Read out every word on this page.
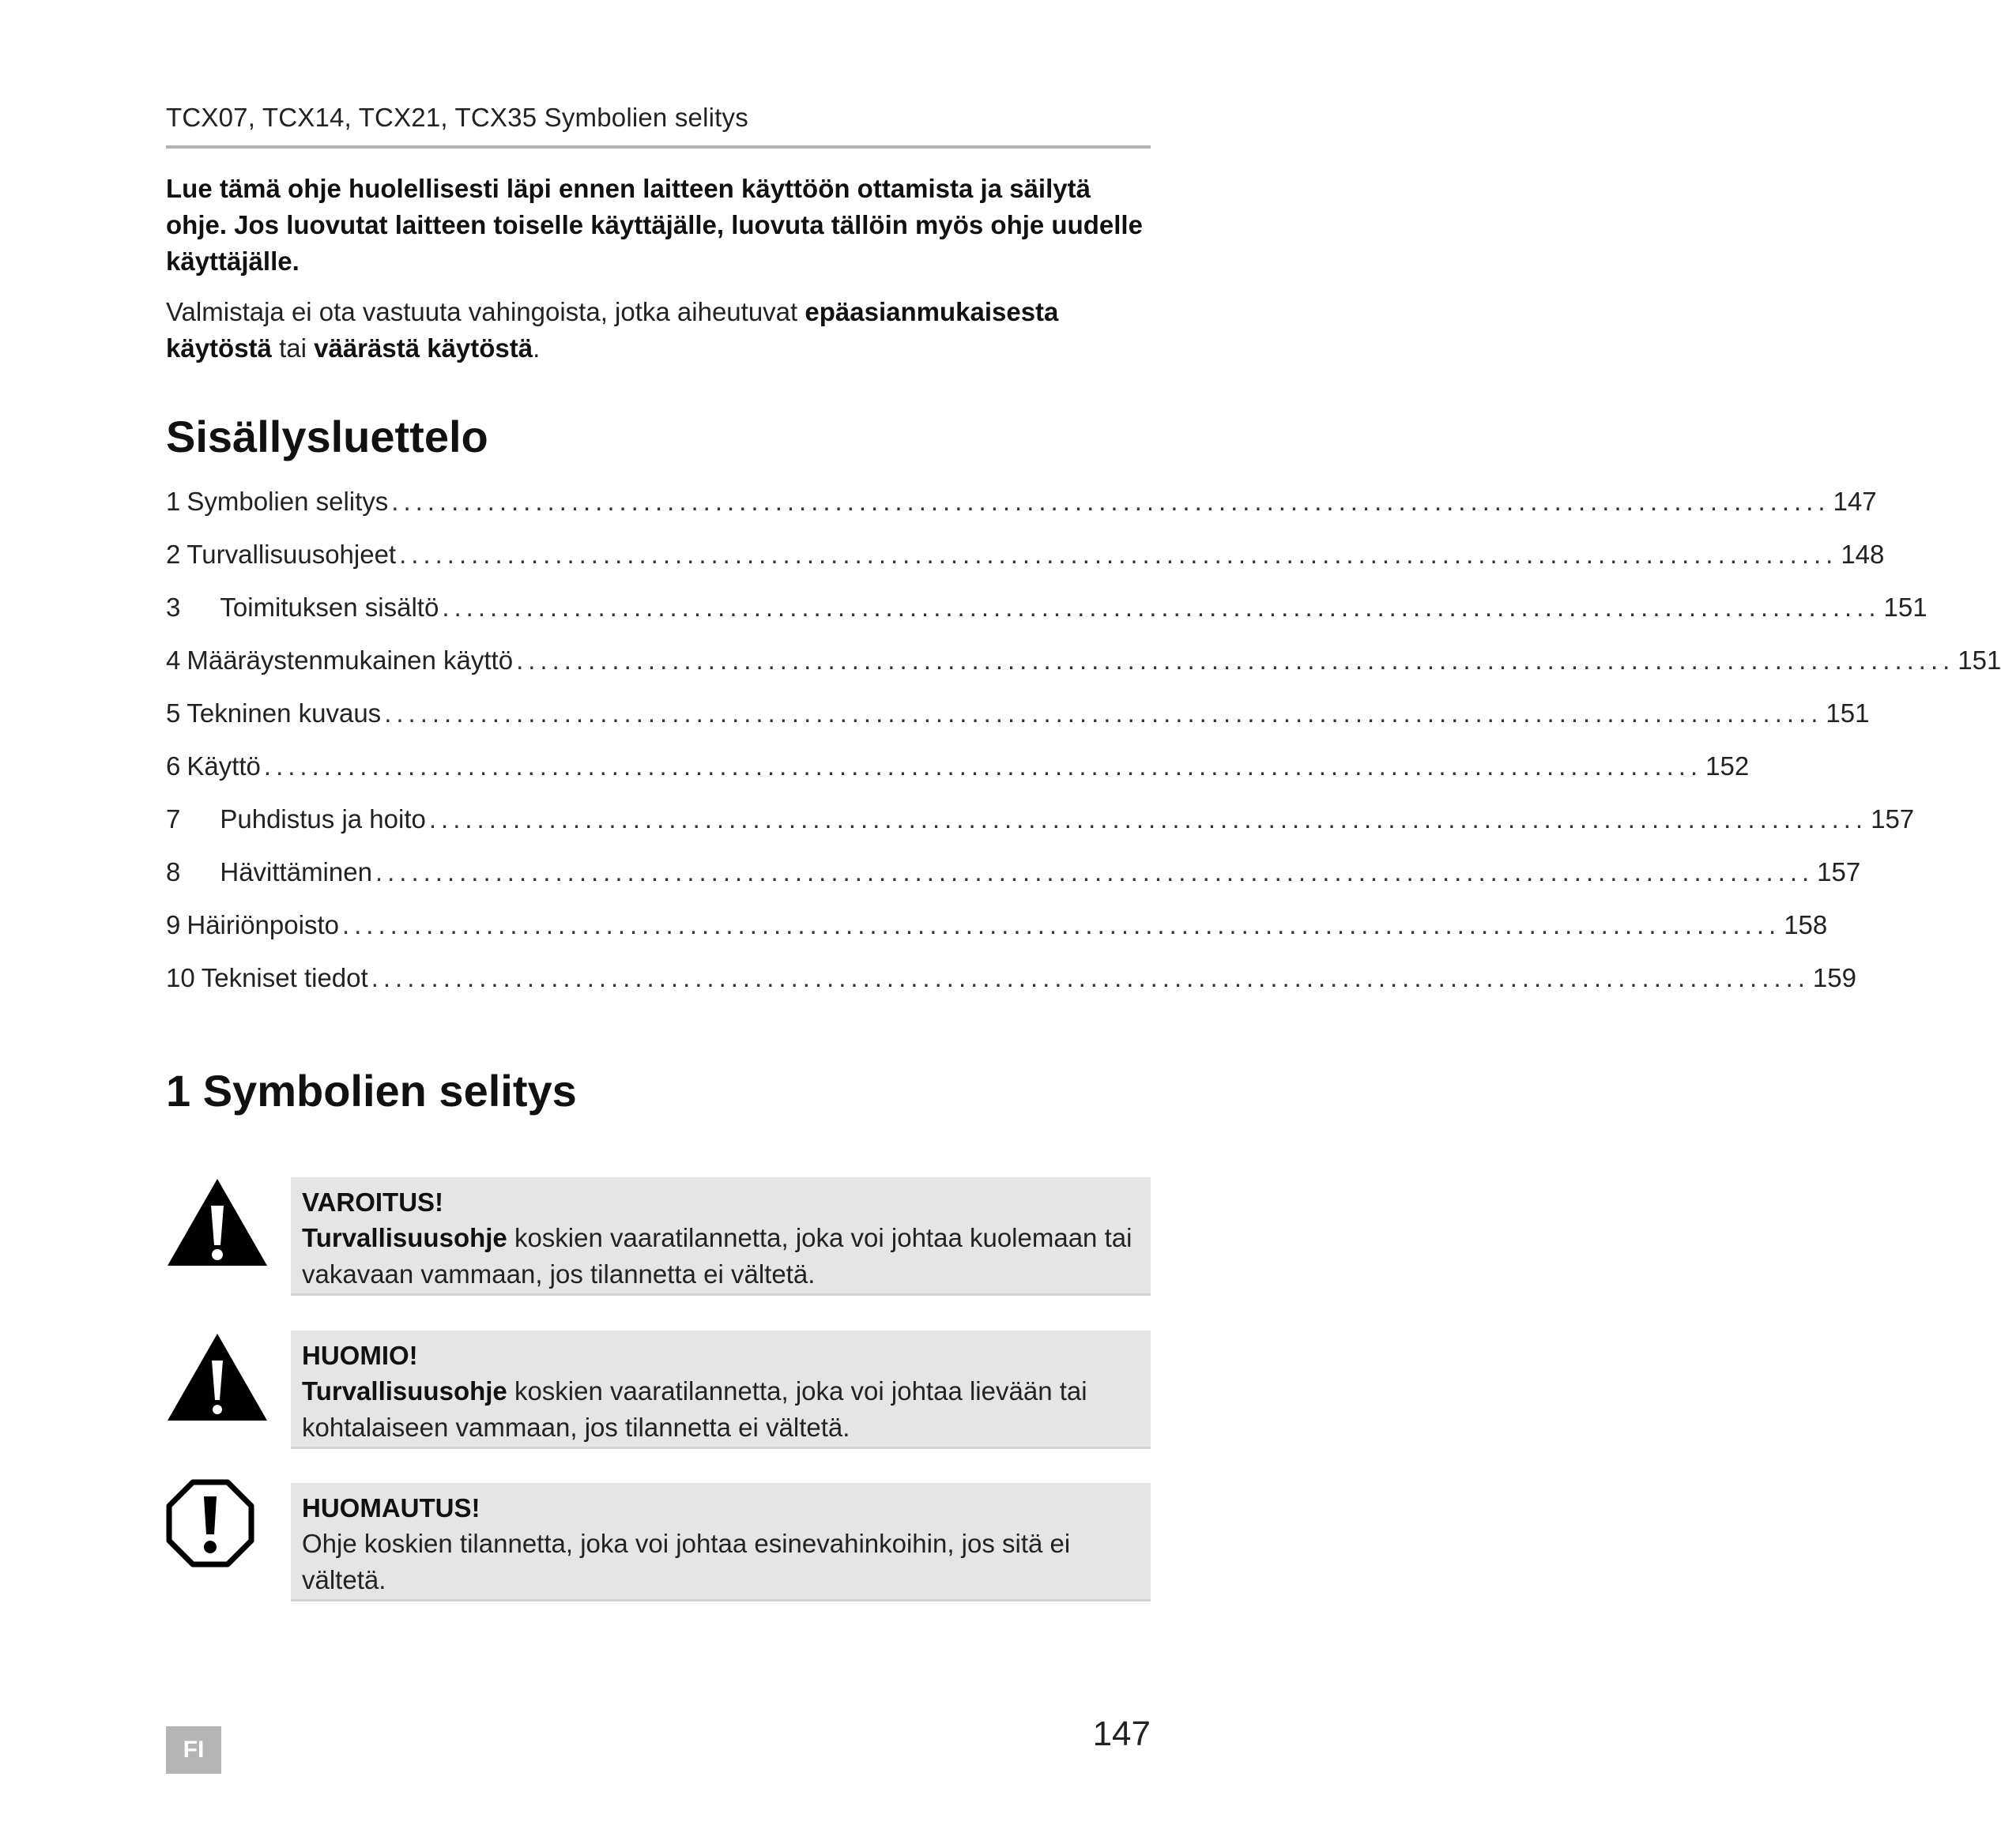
TCX07, TCX14, TCX21, TCX35 Symbolien selitys
Lue tämä ohje huolellisesti läpi ennen laitteen käyttöön ottamista ja säilytä ohje. Jos luovutat laitteen toiselle käyttäjälle, luovuta tällöin myös ohje uudelle käyttäjälle.
Valmistaja ei ota vastuuta vahingoista, jotka aiheutuvat epäasianmukaisesta käytöstä tai väärästä käytöstä.
Sisällysluettelo
1 Symbolien selitys ........................................................................................................................ 147
2 Turvallisuusohjeet ........................................................................................................................ 148
3 Toimituksen sisältö ........................................................................................................................ 151
4 Määräystenmukainen käyttö ........................................................................................................................ 151
5 Tekninen kuvaus ........................................................................................................................ 151
6 Käyttö ........................................................................................................................ 152
7 Puhdistus ja hoito ........................................................................................................................ 157
8 Hävittäminen ........................................................................................................................ 157
9 Häiriönpoisto ........................................................................................................................ 158
10 Tekniset tiedot ........................................................................................................................ 159
1 Symbolien selitys
VAROITUS!
Turvallisuusohje koskien vaaratilannetta, joka voi johtaa kuolemaan tai vakavaan vammaan, jos tilannetta ei vältetä.
HUOMIO!
Turvallisuusohje koskien vaaratilannetta, joka voi johtaa lievään tai kohtalaiseen vammaan, jos tilannetta ei vältetä.
HUOMAUTUS!
Ohje koskien tilannetta, joka voi johtaa esinevahinkoihin, jos sitä ei vältetä.
FI	147
